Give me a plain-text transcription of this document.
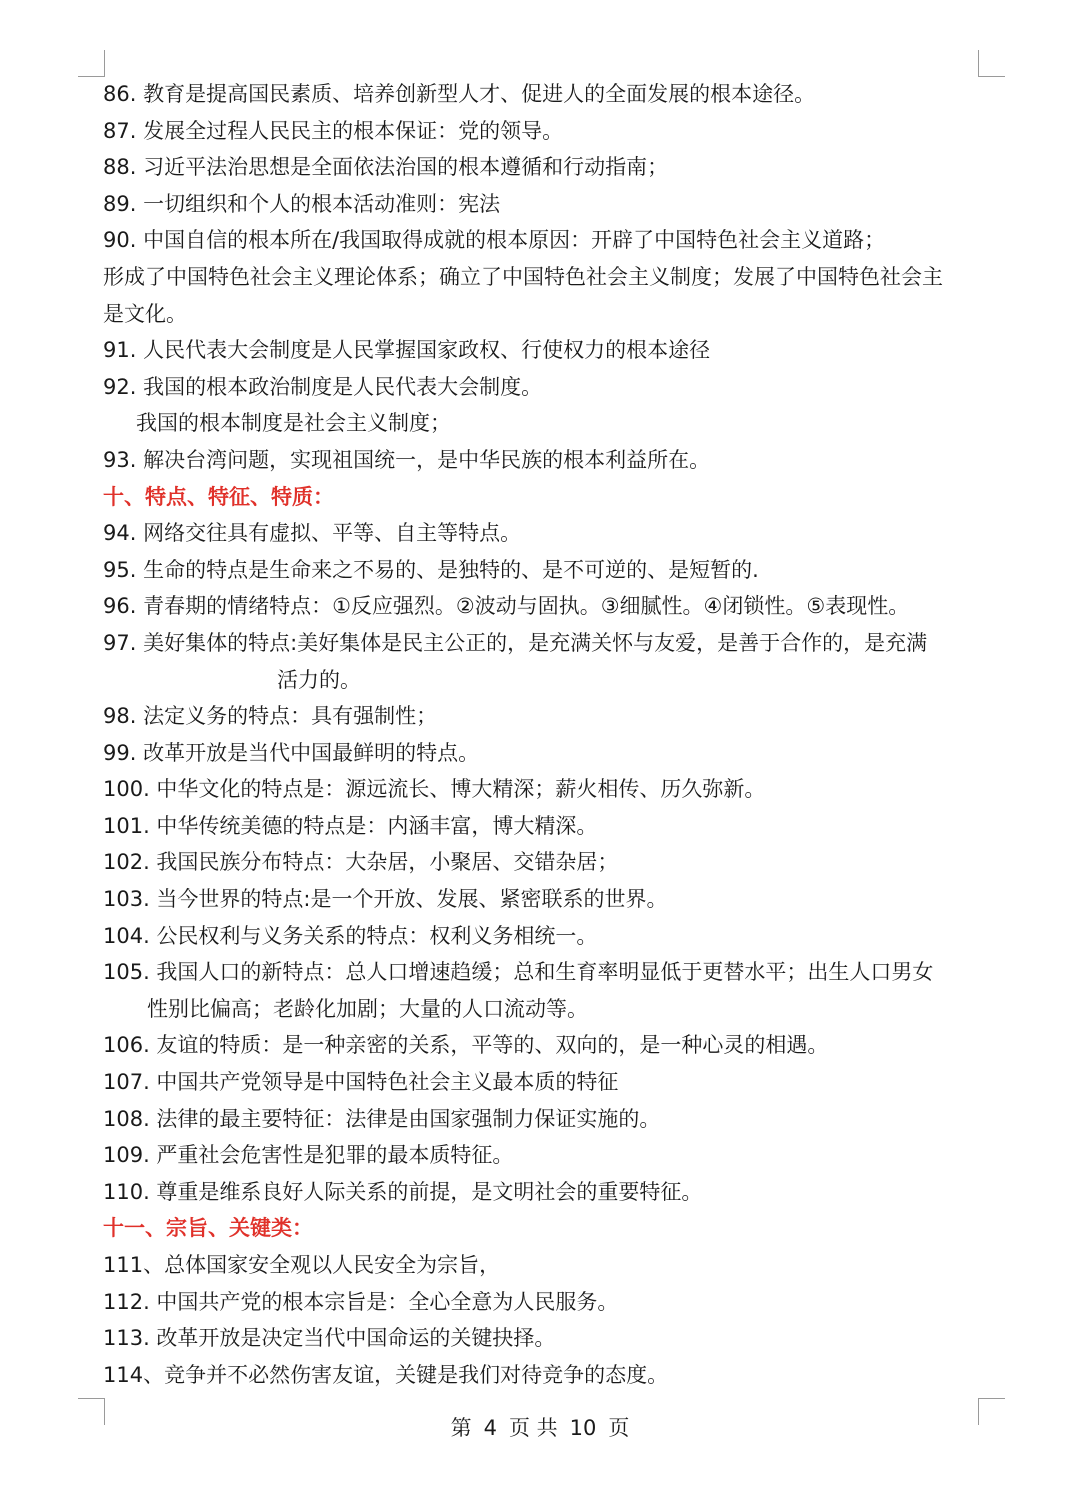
86. 教育是提高国民素质、培养创新型人才、促进人的全面发展的根本途径。
87. 发展全过程人民民主的根本保证：党的领导。
88. 习近平法治思想是全面依法治国的根本遵循和行动指南；
89. 一切组织和个人的根本活动准则：宪法
90. 中国自信的根本所在/我国取得成就的根本原因：开辟了中国特色社会主义道路；
形成了中国特色社会主义理论体系；确立了中国特色社会主义制度；发展了中国特色社会主
是文化。
91. 人民代表大会制度是人民掌握国家政权、行使权力的根本途径
92. 我国的根本政治制度是人民代表大会制度。
我国的根本制度是社会主义制度；
93. 解决台湾问题，实现祖国统一，是中华民族的根本利益所在。
十、特点、特征、特质：
94. 网络交往具有虚拟、平等、自主等特点。
95. 生命的特点是生命来之不易的、是独特的、是不可逆的、是短暂的.
96. 青春期的情绪特点：①反应强烈。②波动与固执。③细腻性。④闭锁性。⑤表现性。
97. 美好集体的特点:美好集体是民主公正的，是充满关怀与友爱，是善于合作的，是充满
活力的。
98. 法定义务的特点：具有强制性；
99. 改革开放是当代中国最鲜明的特点。
100. 中华文化的特点是：源远流长、博大精深；薪火相传、历久弥新。
101. 中华传统美德的特点是：内涵丰富，博大精深。
102. 我国民族分布特点：大杂居，小聚居、交错杂居；
103. 当今世界的特点:是一个开放、发展、紧密联系的世界。
104. 公民权利与义务关系的特点：权利义务相统一。
105. 我国人口的新特点：总人口增速趋缓；总和生育率明显低于更替水平；出生人口男女
性别比偏高；老龄化加剧；大量的人口流动等。
106. 友谊的特质：是一种亲密的关系，平等的、双向的，是一种心灵的相遇。
107. 中国共产党领导是中国特色社会主义最本质的特征
108. 法律的最主要特征：法律是由国家强制力保证实施的。
109. 严重社会危害性是犯罪的最本质特征。
110. 尊重是维系良好人际关系的前提，是文明社会的重要特征。
十一、宗旨、关键类：
111、总体国家安全观以人民安全为宗旨，
112. 中国共产党的根本宗旨是：全心全意为人民服务。
113. 改革开放是决定当代中国命运的关键抉择。
114、竞争并不必然伤害友谊，关键是我们对待竞争的态度。
第 4 页 共 10 页
